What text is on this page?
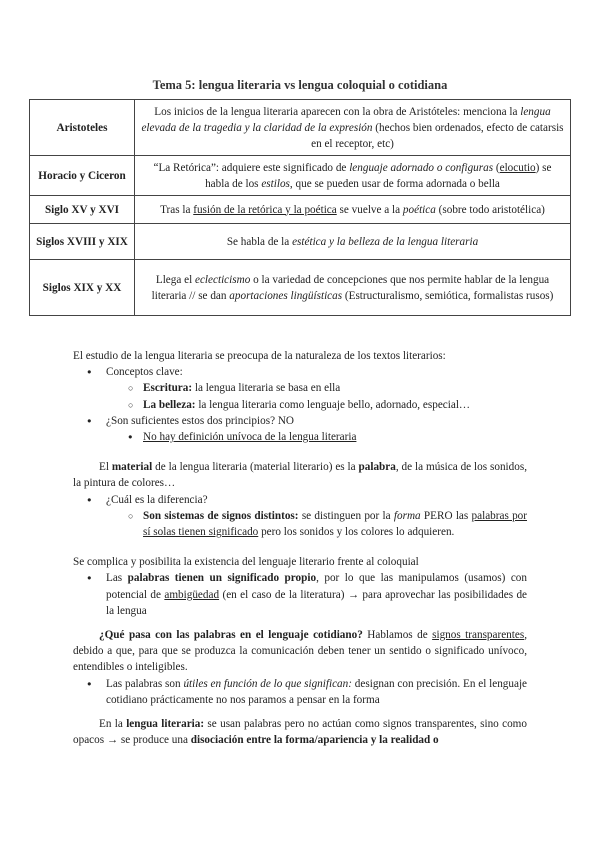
Tema 5: lengua literaria vs lengua coloquial o cotidiana
Aristoteles	Los inicios de la lengua literaria aparecen con la obra de Aristóteles: menciona la lengua elevada de la tragedia y la claridad de la expresión (hechos bien ordenados, efecto de catarsis en el receptor, etc)
Horacio y Ciceron	“La Retórica”: adquiere este significado de lenguaje adornado o configuras (elocutio) se habla de los estilos, que se pueden usar de forma adornada o bella
Siglo XV y XVI	Tras la fusión de la retórica y la poética se vuelve a la poética (sobre todo aristotélica)
Siglos XVIII y XIX	Se habla de la estética y la belleza de la lengua literaria
Siglos XIX y XX	Llega el eclecticismo o la variedad de concepciones que nos permite hablar de la lengua literaria // se dan aportaciones lingüísticas (Estructuralismo, semiótica, formalistas rusos)

El estudio de la lengua literaria se preocupa de la naturaleza de los textos literarios:

● Conceptos clave:
○ Escritura: la lengua literaria se basa en ella
○ La belleza: la lengua literaria como lenguaje bello, adornado, especial…
● ¿Son suficientes estos dos principios? NO
● No hay definición unívoca de la lengua literaria

El material de la lengua literaria (material literario) es la palabra, de la música de los sonidos, la pintura de colores…

● ¿Cuál es la diferencia?
○ Son sistemas de signos distintos: se distinguen por la forma PERO las palabras por sí solas tienen significado pero los sonidos y los colores lo adquieren.

Se complica y posibilita la existencia del lenguaje literario frente al coloquial

● Las palabras tienen un significado propio, por lo que las manipulamos (usamos) con potencial de ambigüedad (en el caso de la literatura) → para aprovechar las posibilidades de la lengua

¿Qué pasa con las palabras en el lenguaje cotidiano? Hablamos de signos transparentes, debido a que, para que se produzca la comunicación deben tener un sentido o significado unívoco, entendibles o inteligibles.

● Las palabras son útiles en función de lo que significan: designan con precisión. En el lenguaje cotidiano prácticamente no nos paramos a pensar en la forma

En la lengua literaria: se usan palabras pero no actúan como signos transparentes, sino como opacos → se produce una disociación entre la forma/apariencia y la realidad o
